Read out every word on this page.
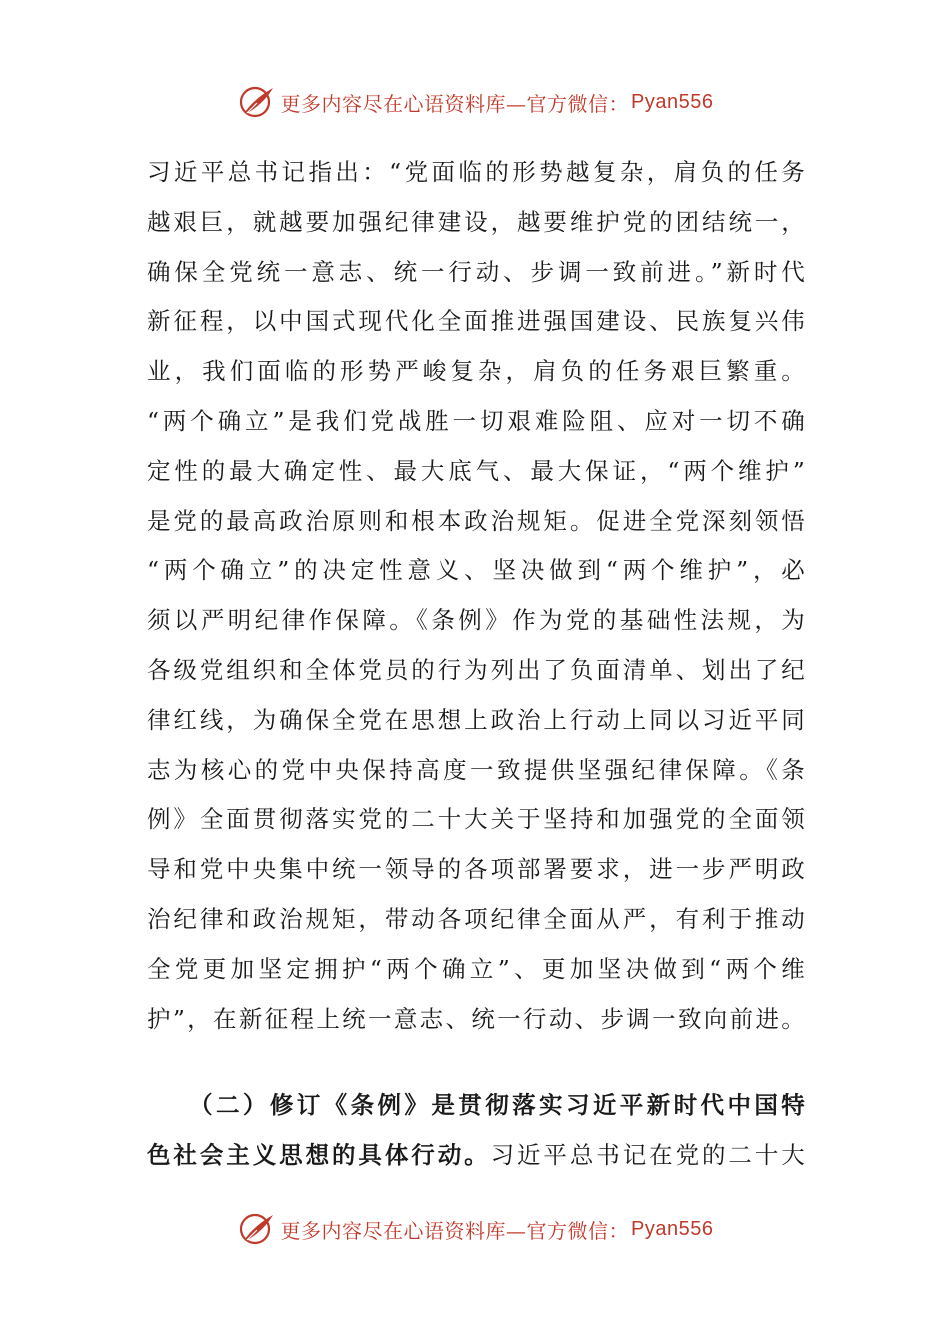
更多内容尽在心语资料库—官方微信： Pyan556
习近平总书记指出：“党面临的形势越复杂，肩负的任务
越艰巨，就越要加强纪律建设，越要维护党的团结统一，
确保全党统一意志、统一行动、步调一致前进。”新时代
新征程，以中国式现代化全面推进强国建设、民族复兴伟
业，我们面临的形势严峻复杂，肩负的任务艰巨繁重。
“两个确立”是我们党战胜一切艰难险阻、应对一切不确
定性的最大确定性、最大底气、最大保证，“两个维护”
是党的最高政治原则和根本政治规矩。促进全党深刻领悟
“两个确立”的决定性意义、坚决做到“两个维护”，必
须以严明纪律作保障。《条例》作为党的基础性法规，为
各级党组织和全体党员的行为列出了负面清单、划出了纪
律红线，为确保全党在思想上政治上行动上同以习近平同
志为核心的党中央保持高度一致提供坚强纪律保障。《条
例》全面贯彻落实党的二十大关于坚持和加强党的全面领
导和党中央集中统一领导的各项部署要求，进一步严明政
治纪律和政治规矩，带动各项纪律全面从严，有利于推动
全党更加坚定拥护“两个确立”、更加坚决做到“两个维
护”，在新征程上统一意志、统一行动、步调一致向前进。
　　（二）修订《条例》是贯彻落实习近平新时代中国特
色社会主义思想的具体行动。习近平总书记在党的二十大
更多内容尽在心语资料库—官方微信： Pyan556
